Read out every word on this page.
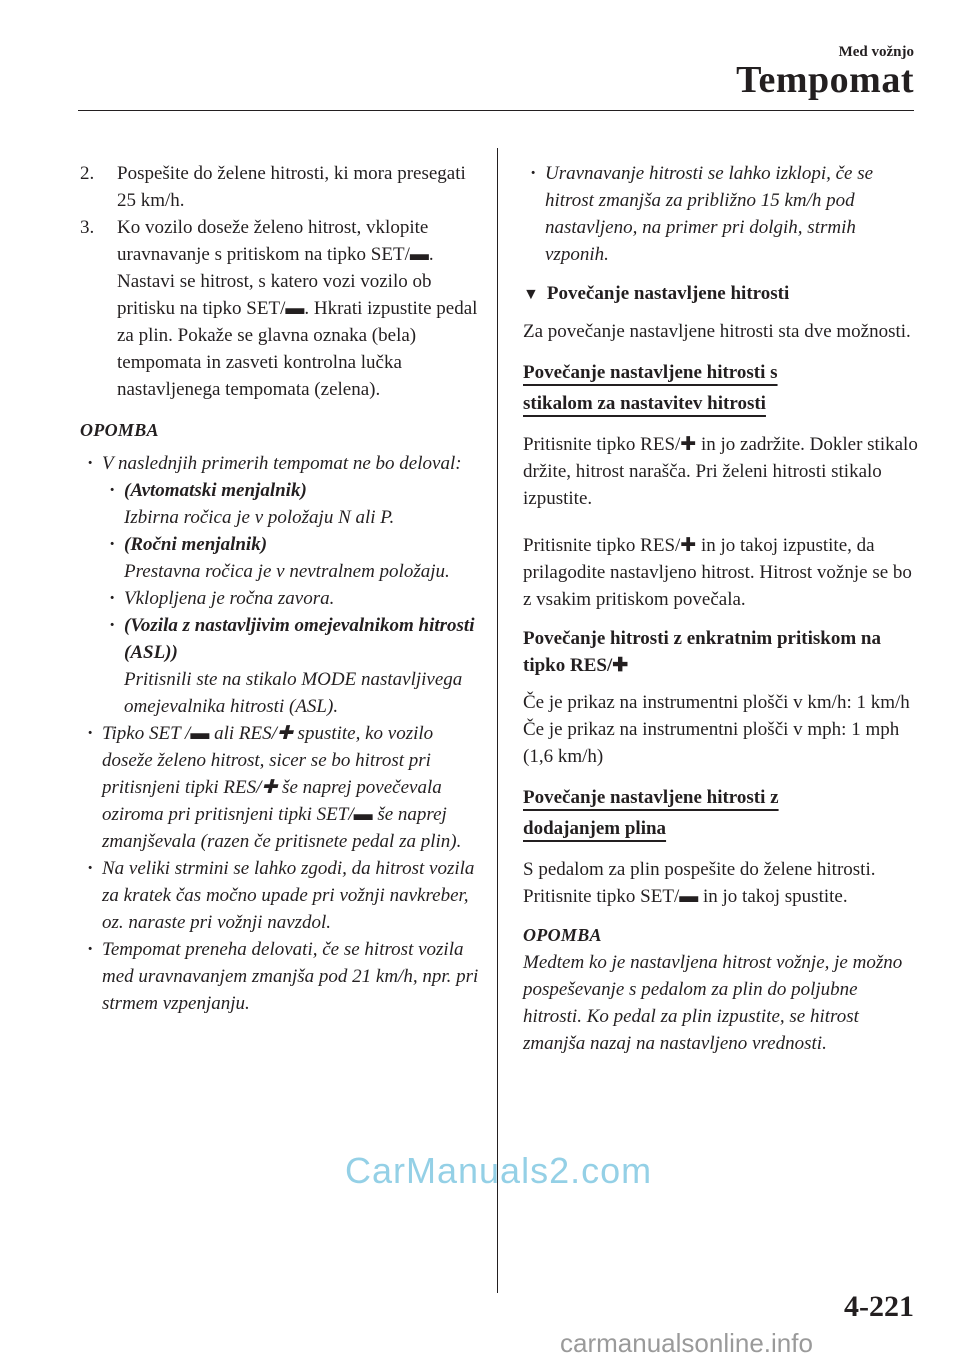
Med vožnjo
Tempomat
2.	Pospešite do želene hitrosti, ki mora presegati 25 km/h.
3.	Ko vozilo doseže želeno hitrost, vklopite uravnavanje s pritiskom na tipko SET/▬. Nastavi se hitrost, s katero vozi vozilo ob pritisku na tipko SET/▬. Hkrati izpustite pedal za plin. Pokaže se glavna oznaka (bela) tempomata in zasveti kontrolna lučka nastavljenega tempomata (zelena).
OPOMBA
· V naslednjih primerih tempomat ne bo deloval:
· (Avtomatski menjalnik)
Izbirna ročica je v položaju N ali P.
· (Ročni menjalnik)
Prestavna ročica je v nevtralnem položaju.
· Vklopljena je ročna zavora.
· (Vozila z nastavljivim omejevalnikom hitrosti (ASL))
Pritisnili ste na stikalo MODE nastavljivega omejevalnika hitrosti (ASL).
· Tipko SET /▬ ali RES/✚ spustite, ko vozilo doseže želeno hitrost, sicer se bo hitrost pri pritisnjeni tipki RES/✚ še naprej povečevala oziroma pri pritisnjeni tipki SET/▬ še naprej zmanjševala (razen če pritisnete pedal za plin).
· Na veliki strmini se lahko zgodi, da hitrost vozila za kratek čas močno upade pri vožnji navkreber, oz. naraste pri vožnji navzdol.
· Tempomat preneha delovati, če se hitrost vozila med uravnavanjem zmanjša pod 21 km/h, npr. pri strmem vzpenjanju.
· Uravnavanje hitrosti se lahko izklopi, če se hitrost zmanjša za približno 15 km/h pod nastavljeno, na primer pri dolgih, strmih vzponih.
▼ Povečanje nastavljene hitrosti
Za povečanje nastavljene hitrosti sta dve možnosti.
Povečanje nastavljene hitrosti s
stikalom za nastavitev hitrosti
Pritisnite tipko RES/✚ in jo zadržite. Dokler stikalo držite, hitrost narašča. Pri želeni hitrosti stikalo izpustite.
Pritisnite tipko RES/✚ in jo takoj izpustite, da prilagodite nastavljeno hitrost. Hitrost vožnje se bo z vsakim pritiskom povečala.
Povečanje hitrosti z enkratnim pritiskom na tipko RES/✚
Če je prikaz na instrumentni plošči v km/h: 1 km/h
Če je prikaz na instrumentni plošči v mph: 1 mph (1,6 km/h)
Povečanje nastavljene hitrosti z
dodajanjem plina
S pedalom za plin pospešite do želene hitrosti. Pritisnite tipko SET/▬ in jo takoj spustite.
OPOMBA
Medtem ko je nastavljena hitrost vožnje, je možno pospeševanje s pedalom za plin do poljubne hitrosti. Ko pedal za plin izpustite, se hitrost zmanjša nazaj na nastavljeno vrednosti.
4-221
CarManuals2.com
carmanualsonline.info
